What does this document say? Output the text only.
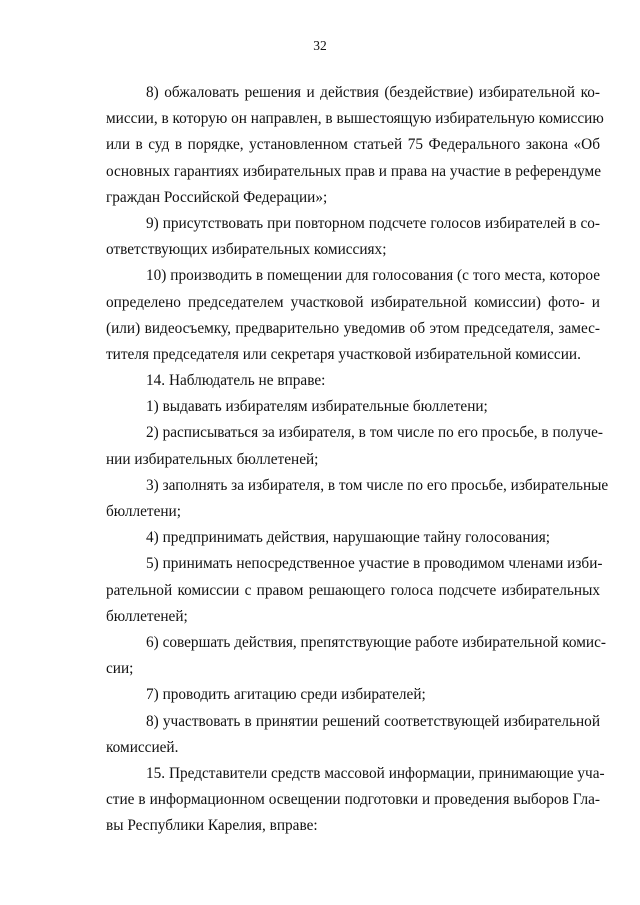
32
8) обжаловать решения и действия (бездействие) избирательной ко-
миссии, в которую он направлен, в вышестоящую избирательную комиссию
или в суд в порядке, установленном статьей 75 Федерального закона «Об
основных гарантиях избирательных прав и права на участие в референдуме
граждан Российской Федерации»;
9) присутствовать при повторном подсчете голосов избирателей в со-
ответствующих избирательных комиссиях;
10) производить в помещении для голосования (с того места, которое
определено председателем участковой избирательной комиссии) фото- и
(или) видеосъемку, предварительно уведомив об этом председателя, замес-
тителя председателя или секретаря участковой избирательной комиссии.
14. Наблюдатель не вправе:
1) выдавать избирателям избирательные бюллетени;
2) расписываться за избирателя, в том числе по его просьбе, в получе-
нии избирательных бюллетеней;
3) заполнять за избирателя, в том числе по его просьбе, избирательные
бюллетени;
4) предпринимать действия, нарушающие тайну голосования;
5) принимать непосредственное участие в проводимом членами изби-
рательной комиссии с правом решающего голоса подсчете избирательных
бюллетеней;
6) совершать действия, препятствующие работе избирательной комис-
сии;
7) проводить агитацию среди избирателей;
8) участвовать в принятии решений соответствующей избирательной
комиссией.
15. Представители средств массовой информации, принимающие уча-
стие в информационном освещении подготовки и проведения выборов Гла-
вы Республики Карелия, вправе:
